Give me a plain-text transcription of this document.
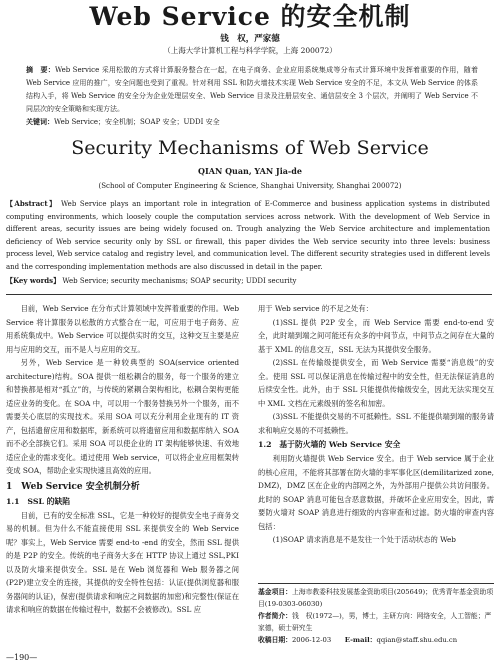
Web Service 的安全机制
钱　权，严家德
（上海大学计算机工程与科学学院，上海 200072）
摘　要：Web Service 采用松散的方式将计算服务整合在一起，在电子商务、企业应用系统集成等分布式计算环境中发挥着重要的作用，随着 Web Service 应用的推广，安全问题也受到了重视。针对利用 SSL 和防火墙技术实现 Web Service 安全的不足，本文从 Web Service 的体系结构入手，将 Web Service 的安全分为企业处理层安全、Web Service 目录及注册层安全、通信层安全 3 个层次，并阐明了 Web Service 不同层次的安全策略和实现方法。
关键词：Web Service；安全机制；SOAP 安全；UDDI 安全
Security Mechanisms of Web Service
QIAN Quan, YAN Jia-de
(School of Computer Engineering & Science, Shanghai University, Shanghai 200072)
【Abstract】 Web Service plays an important role in integration of E-Commerce and business application systems in distributed computing environments, which loosely couple the computation services across network. With the development of Web Service in different areas, security issues are being widely focused on. Trough analyzing the Web Service architecture and implementation deficiency of Web service security only by SSL or firewall, this paper divides the Web service security into three levels: business process level, Web service catalog and registry level, and communication level. The different security strategies used in different levels and the corresponding implementation methods are also discussed in detail in the paper.
【Key words】 Web Service; security mechanisms; SOAP security; UDDI security

目前，Web Service 在分布式计算领域中发挥着重要的作用。Web Service 将计算服务以松散的方式整合在一起，可应用于电子商务、应用系统集成中。Web Service 可以提供实时的交互，这种交互主要是应用与应用的交互，而不是人与应用的交互。

另外，Web Service 是一种较典型的 SOA(service oriented architecture)结构。SOA 提供一组松耦合的服务，每一个服务的建立和替换都是相对“孤立”的，与传统的紧耦合架构相比，松耦合架构更能适应业务的变化。在 SOA 中，可以用一个服务替换另外一个服务，而不需要关心底层的实现技术。采用 SOA 可以充分利用企业现有的 IT 资产，包括遗留应用和数据库，新系统可以将遗留应用和数据库纳入 SOA 而不必全部换它们。采用 SOA 可以使企业的 IT 架构能够快速、有效地适应企业的需求变化。通过使用 Web service，可以将企业应用框架转变成 SOA，帮助企业实现快速且高效的应用。

1　Web Service 安全机制分析
1.1　SSL 的缺陷

目前，已有的安全标准 SSL，它是一种较好的提供安全电子商务交易的机制。但为什么不能直接使用 SSL 来提供安全的 Web Service 呢？事实上，Web Service 需要 end-to -end 的安全，然而 SSL 提供的是 P2P 的安全。传统的电子商务大多在 HTTP 协议上通过 SSL,PKI 以及防火墙来提供安全。SSL 是在 Web 浏览器和 Web 服务器之间(P2P)建立安全的连接，其提供的安全特性包括：认证(提供浏览器和服务器间的认证)，保密(提供请求和响应之间数据的加密)和完整性(保证在请求和响应的数据在传输过程中，数据不会被修改)。SSL 应

用于 Web service 的不足之处有：

(1)SSL 提供 P2P 安全，而 Web Service 需要 end-to-end 安全，此时端到端之间可能还有众多的中间节点，中间节点之间存在大量的基于 XML 的信息交互，SSL 无法为其提供安全服务。

(2)SSL 在传输级提供安全，而 Web Service 需要“消息级”的安全。使用 SSL 可以保证消息在传输过程中的安全性，但无法保证消息的后续安全性。此外，由于 SSL 只能提供传输级安全，因此无法实现交互中 XML 文档在元素级别的签名和加密。

(3)SSL 不能提供交易的不可抵赖性。SSL 不能提供端到端的服务请求和响应交易的不可抵赖性。

1.2　基于防火墙的 Web Service 安全

利用防火墙提供 Web Service 安全。由于 Web service 属于企业的核心应用，不能将其部署在防火墙的非军事化区(demilitarized zone, DMZ)，DMZ 区在企业的内部网之外，为外部用户提供公共访问服务。此时的 SOAP 消息可能包含恶意数据，并破坏企业应用安全，因此，需要防火墙对 SOAP 消息进行细致的内容审查和过滤。防火墙的审查内容包括：

(1)SOAP 请求消息是不是发往一个处于活动状态的 Web

基金项目：上海市教委科技发展基金资助项目(205649)；优秀青年基金资助项目(19-0303-06030)
作者简介：钱　权(1972—)，男，博士，主研方向：网络安全，人工智能；严家德，硕士研究生
收稿日期：2006-12-03　　 E-mail：qqian@staff.shu.edu.cn
—190—
